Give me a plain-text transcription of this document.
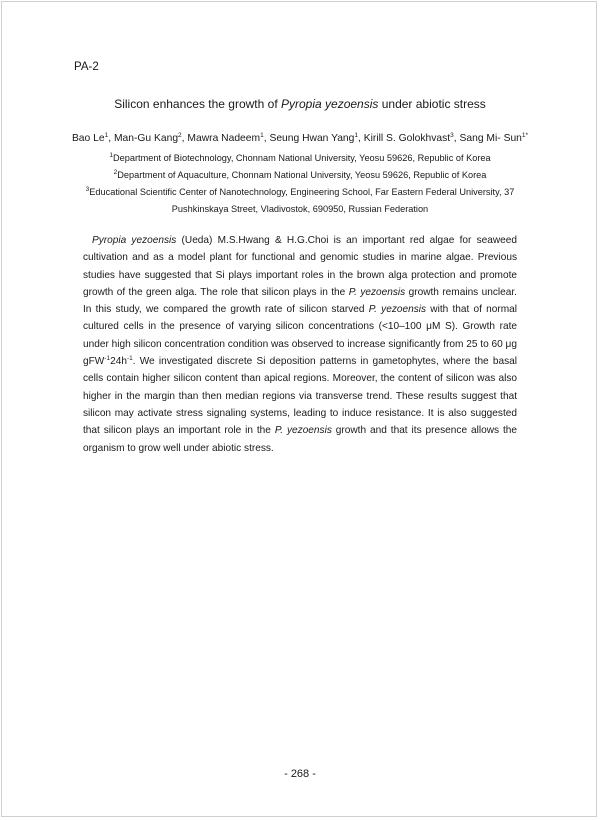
PA-2
Silicon enhances the growth of Pyropia yezoensis under abiotic stress
Bao Le$^1$, Man-Gu Kang$^2$, Mawra Nadeem$^1$, Seung Hwan Yang$^1$, Kirill S. Golokhvast$^3$, Sang Mi- Sun$^{1*}$
$^1$Department of Biotechnology, Chonnam National University, Yeosu 59626, Republic of Korea
$^2$Department of Aquaculture, Chonnam National University, Yeosu 59626, Republic of Korea
$^3$Educational Scientific Center of Nanotechnology, Engineering School, Far Eastern Federal University, 37
Pushkinskaya Street, Vladivostok, 690950, Russian Federation

Pyropia yezoensis (Ueda) M.S.Hwang & H.G.Choi is an important red algae for seaweed cultivation and as a model plant for functional and genomic studies in marine algae. Previous studies have suggested that Si plays important roles in the brown alga protection and promote growth of the green alga. The role that silicon plays in the P. yezoensis growth remains unclear. In this study, we compared the growth rate of silicon starved P. yezoensis with that of normal cultured cells in the presence of varying silicon concentrations (<10–100 μM S). Growth rate under high silicon concentration condition was observed to increase significantly from 25 to 60 μg $gFW^{-1}24h^{-1}$. We investigated discrete Si deposition patterns in gametophytes, where the basal cells contain higher silicon content than apical regions. Moreover, the content of silicon was also higher in the margin than then median regions via transverse trend. These results suggest that silicon may activate stress signaling systems, leading to induce resistance. It is also suggested that silicon plays an important role in the P. yezoensis growth and that its presence allows the organism to grow well under abiotic stress.

- 268 -
